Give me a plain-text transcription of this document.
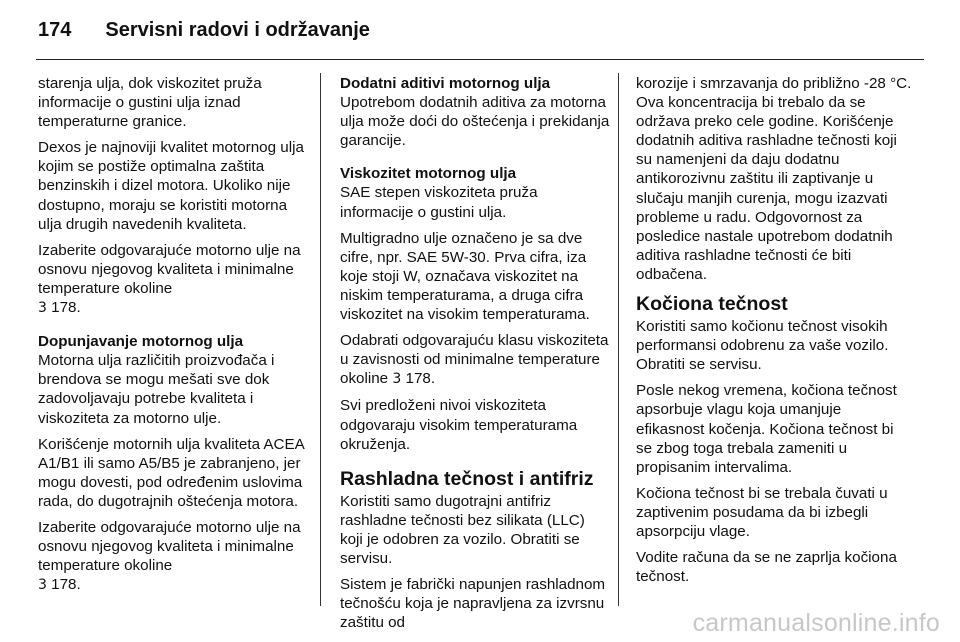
174 Servisni radovi i održavanje

starenja ulja, dok viskozitet pruža informacije o gustini ulja iznad temperaturne granice.

Dexos je najnoviji kvalitet motornog ulja kojim se postiže optimalna zaštita benzinskih i dizel motora. Ukoliko nije dostupno, moraju se koristiti motorna ulja drugih navedenih kvaliteta.

Izaberite odgovarajuće motorno ulje na osnovu njegovog kvaliteta i minimalne temperature okoline
3 178.

Dopunjavanje motornog ulja

Motorna ulja različitih proizvođača i brendova se mogu mešati sve dok zadovoljavaju potrebe kvaliteta i viskoziteta za motorno ulje.

Korišćenje motornih ulja kvaliteta ACEA A1/B1 ili samo A5/B5 je zabranjeno, jer mogu dovesti, pod određenim uslovima rada, do dugotrajnih oštećenja motora.

Izaberite odgovarajuće motorno ulje na osnovu njegovog kvaliteta i minimalne temperature okoline
3 178.

Dodatni aditivi motornog ulja

Upotrebom dodatnih aditiva za motorna ulja može doći do oštećenja i prekidanja garancije.

Viskozitet motornog ulja

SAE stepen viskoziteta pruža informacije o gustini ulja.

Multigradno ulje označeno je sa dve cifre, npr. SAE 5W-30. Prva cifra, iza koje stoji W, označava viskozitet na niskim temperaturama, a druga cifra viskozitet na visokim temperaturama.

Odabrati odgovarajuću klasu viskoziteta u zavisnosti od minimalne temperature okoline 3 178.

Svi predloženi nivoi viskoziteta odgovaraju visokim temperaturama okruženja.

Rashladna tečnost i antifriz

Koristiti samo dugotrajni antifriz rashladne tečnosti bez silikata (LLC) koji je odobren za vozilo. Obratiti se servisu.

Sistem je fabrički napunjen rashladnom tečnošću koja je napravljena za izvrsnu zaštitu od

korozije i smrzavanja do približno -28 °C. Ova koncentracija bi trebalo da se održava preko cele godine. Korišćenje dodatnih aditiva rashladne tečnosti koji su namenjeni da daju dodatnu antikorozivnu zaštitu ili zaptivanje u slučaju manjih curenja, mogu izazvati probleme u radu. Odgovornost za posledice nastale upotrebom dodatnih aditiva rashladne tečnosti će biti odbačena.

Kočiona tečnost

Koristiti samo kočionu tečnost visokih performansi odobrenu za vaše vozilo. Obratiti se servisu.

Posle nekog vremena, kočiona tečnost apsorbuje vlagu koja umanjuje efikasnost kočenja. Kočiona tečnost bi se zbog toga trebala zameniti u propisanim intervalima.

Kočiona tečnost bi se trebala čuvati u zaptivenim posudama da bi izbegli apsorpciju vlage.

Vodite računa da se ne zaprlja kočiona tečnost.

carmanualsonline.info
